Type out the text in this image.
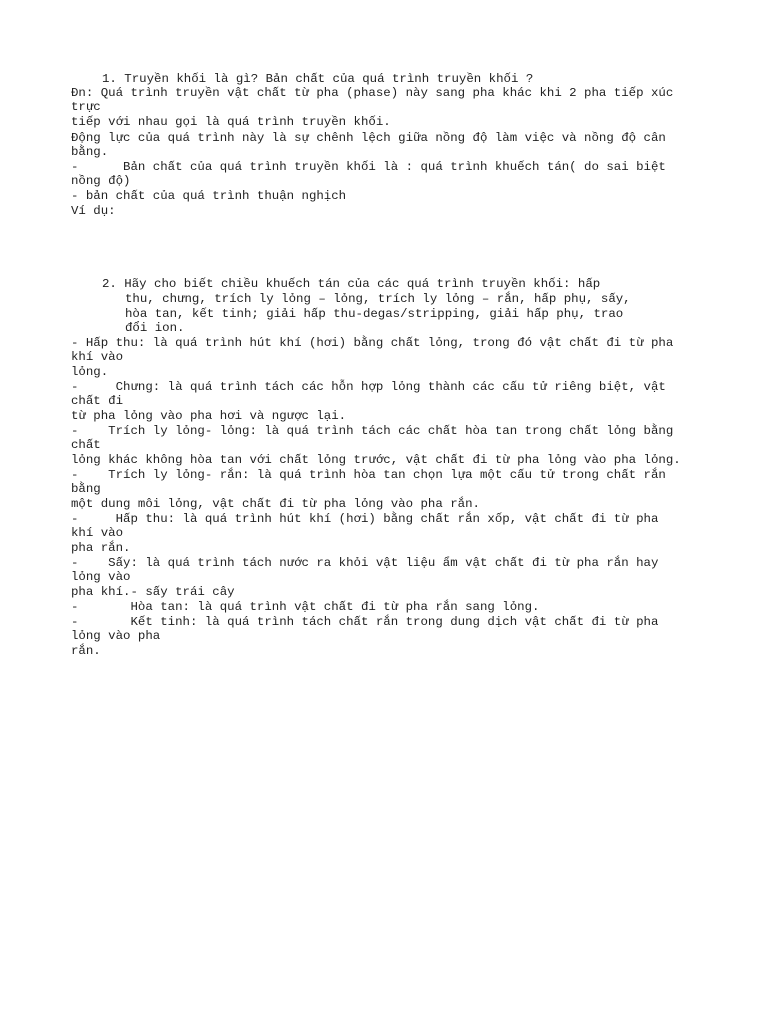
1. Truyền khối là gì? Bản chất của quá trình truyền khối ?
Đn: Quá trình truyền vật chất từ pha (phase) này sang pha khác khi 2 pha tiếp xúc
trực
tiếp với nhau gọi là quá trình truyền khối.
Động lực của quá trình này là sự chênh lệch giữa nồng độ làm việc và nồng độ cân
bằng.
-      Bản chất của quá trình truyền khối là : quá trình khuếch tán( do sai biệt
nồng độ)
- bản chất của quá trình thuận nghịch
Ví dụ:
2. Hãy cho biết chiều khuếch tán của các quá trình truyền khối: hấp
thu, chưng, trích ly lỏng – lỏng, trích ly lỏng – rắn, hấp phụ, sấy,
hòa tan, kết tinh; giải hấp thu-degas/stripping, giải hấp phụ, trao
đổi ion.
- Hấp thu: là quá trình hút khí (hơi) bằng chất lỏng, trong đó vật chất đi từ pha
khí vào
lỏng.
-     Chưng: là quá trình tách các hỗn hợp lỏng thành các cấu tử riêng biệt, vật
chất đi
từ pha lỏng vào pha hơi và ngược lại.
-    Trích ly lỏng- lỏng: là quá trình tách các chất hòa tan trong chất lỏng bằng
chất
lỏng khác không hòa tan với chất lỏng trước, vật chất đi từ pha lỏng vào pha lỏng.
-    Trích ly lỏng- rắn: là quá trình hòa tan chọn lựa một cấu tử trong chất rắn
bằng
một dung môi lỏng, vật chất đi từ pha lỏng vào pha rắn.
-     Hấp thu: là quá trình hút khí (hơi) bằng chất rắn xốp, vật chất đi từ pha
khí vào
pha rắn.
-    Sấy: là quá trình tách nước ra khỏi vật liệu ẩm vật chất đi từ pha rắn hay
lỏng vào
pha khí.- sấy trái cây
-       Hòa tan: là quá trình vật chất đi từ pha rắn sang lỏng.
-       Kết tinh: là quá trình tách chất rắn trong dung dịch vật chất đi từ pha
lỏng vào pha
rắn.
